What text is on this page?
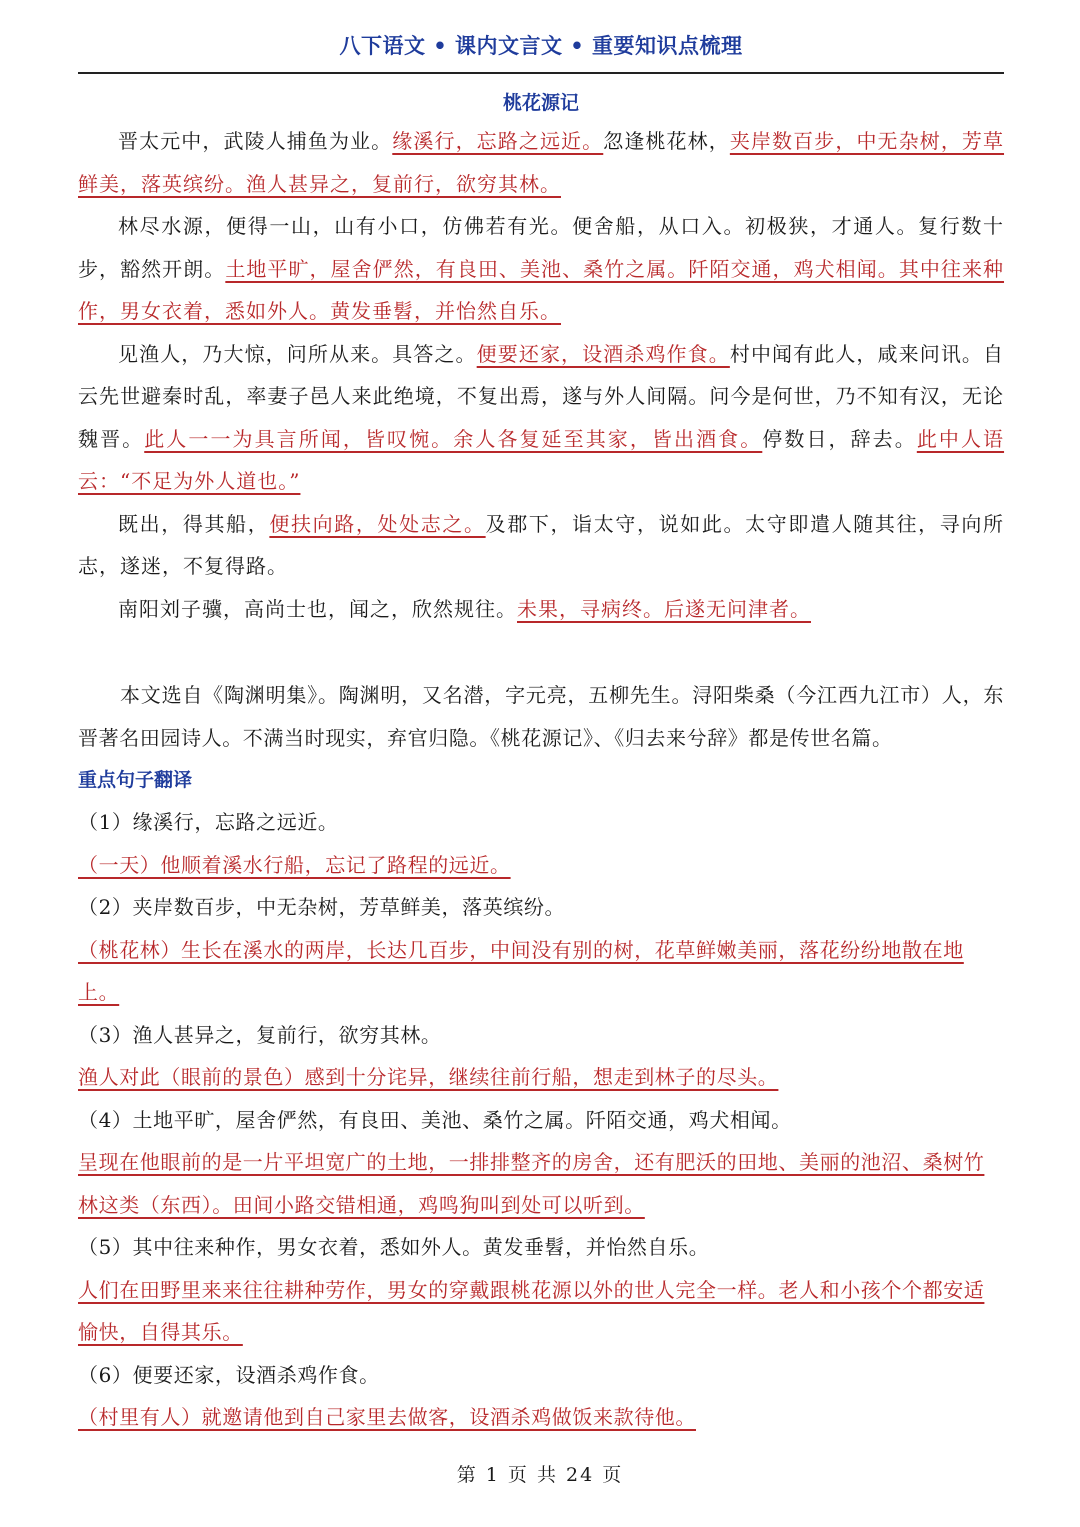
八下语文 • 课内文言文 • 重要知识点梳理
桃花源记

晋太元中，武陵人捕鱼为业。缘溪行，忘路之远近。忽逢桃花林，夹岸数百步，中无杂树，芳草鲜美，落英缤纷。渔人甚异之，复前行，欲穷其林。

林尽水源，便得一山，山有小口，仿佛若有光。便舍船，从口入。初极狭，才通人。复行数十步，豁然开朗。土地平旷，屋舍俨然，有良田、美池、桑竹之属。阡陌交通，鸡犬相闻。其中往来种作，男女衣着，悉如外人。黄发垂髫，并怡然自乐。

见渔人，乃大惊，问所从来。具答之。便要还家，设酒杀鸡作食。村中闻有此人，咸来问讯。自云先世避秦时乱，率妻子邑人来此绝境，不复出焉，遂与外人间隔。问今是何世，乃不知有汉，无论魏晋。此人一一为具言所闻，皆叹惋。余人各复延至其家，皆出酒食。停数日，辞去。此中人语云：“不足为外人道也。”

既出，得其船，便扶向路，处处志之。及郡下，诣太守，说如此。太守即遣人随其往，寻向所志，遂迷，不复得路。

南阳刘子骥，高尚士也，闻之，欣然规往。未果，寻病终。后遂无问津者。

本文选自《陶渊明集》。陶渊明，又名潜，字元亮，五柳先生。浔阳柴桑（今江西九江市）人，东晋著名田园诗人。不满当时现实，弃官归隐。《桃花源记》、《归去来兮辞》都是传世名篇。

重点句子翻译

（1）缘溪行，忘路之远近。

（一天）他顺着溪水行船，忘记了路程的远近。

（2）夹岸数百步，中无杂树，芳草鲜美，落英缤纷。

（桃花林）生长在溪水的两岸，长达几百步，中间没有别的树，花草鲜嫩美丽，落花纷纷地散在地上。

（3）渔人甚异之，复前行，欲穷其林。

渔人对此（眼前的景色）感到十分诧异，继续往前行船，想走到林子的尽头。

（4）土地平旷，屋舍俨然，有良田、美池、桑竹之属。阡陌交通，鸡犬相闻。

呈现在他眼前的是一片平坦宽广的土地，一排排整齐的房舍，还有肥沃的田地、美丽的池沼、桑树竹林这类（东西）。田间小路交错相通，鸡鸣狗叫到处可以听到。

（5）其中往来种作，男女衣着，悉如外人。黄发垂髫，并怡然自乐。

人们在田野里来来往往耕种劳作，男女的穿戴跟桃花源以外的世人完全一样。老人和小孩个个都安适愉快，自得其乐。

（6）便要还家，设酒杀鸡作食。

（村里有人）就邀请他到自己家里去做客，设酒杀鸡做饭来款待他。

第 1 页 共 24 页
